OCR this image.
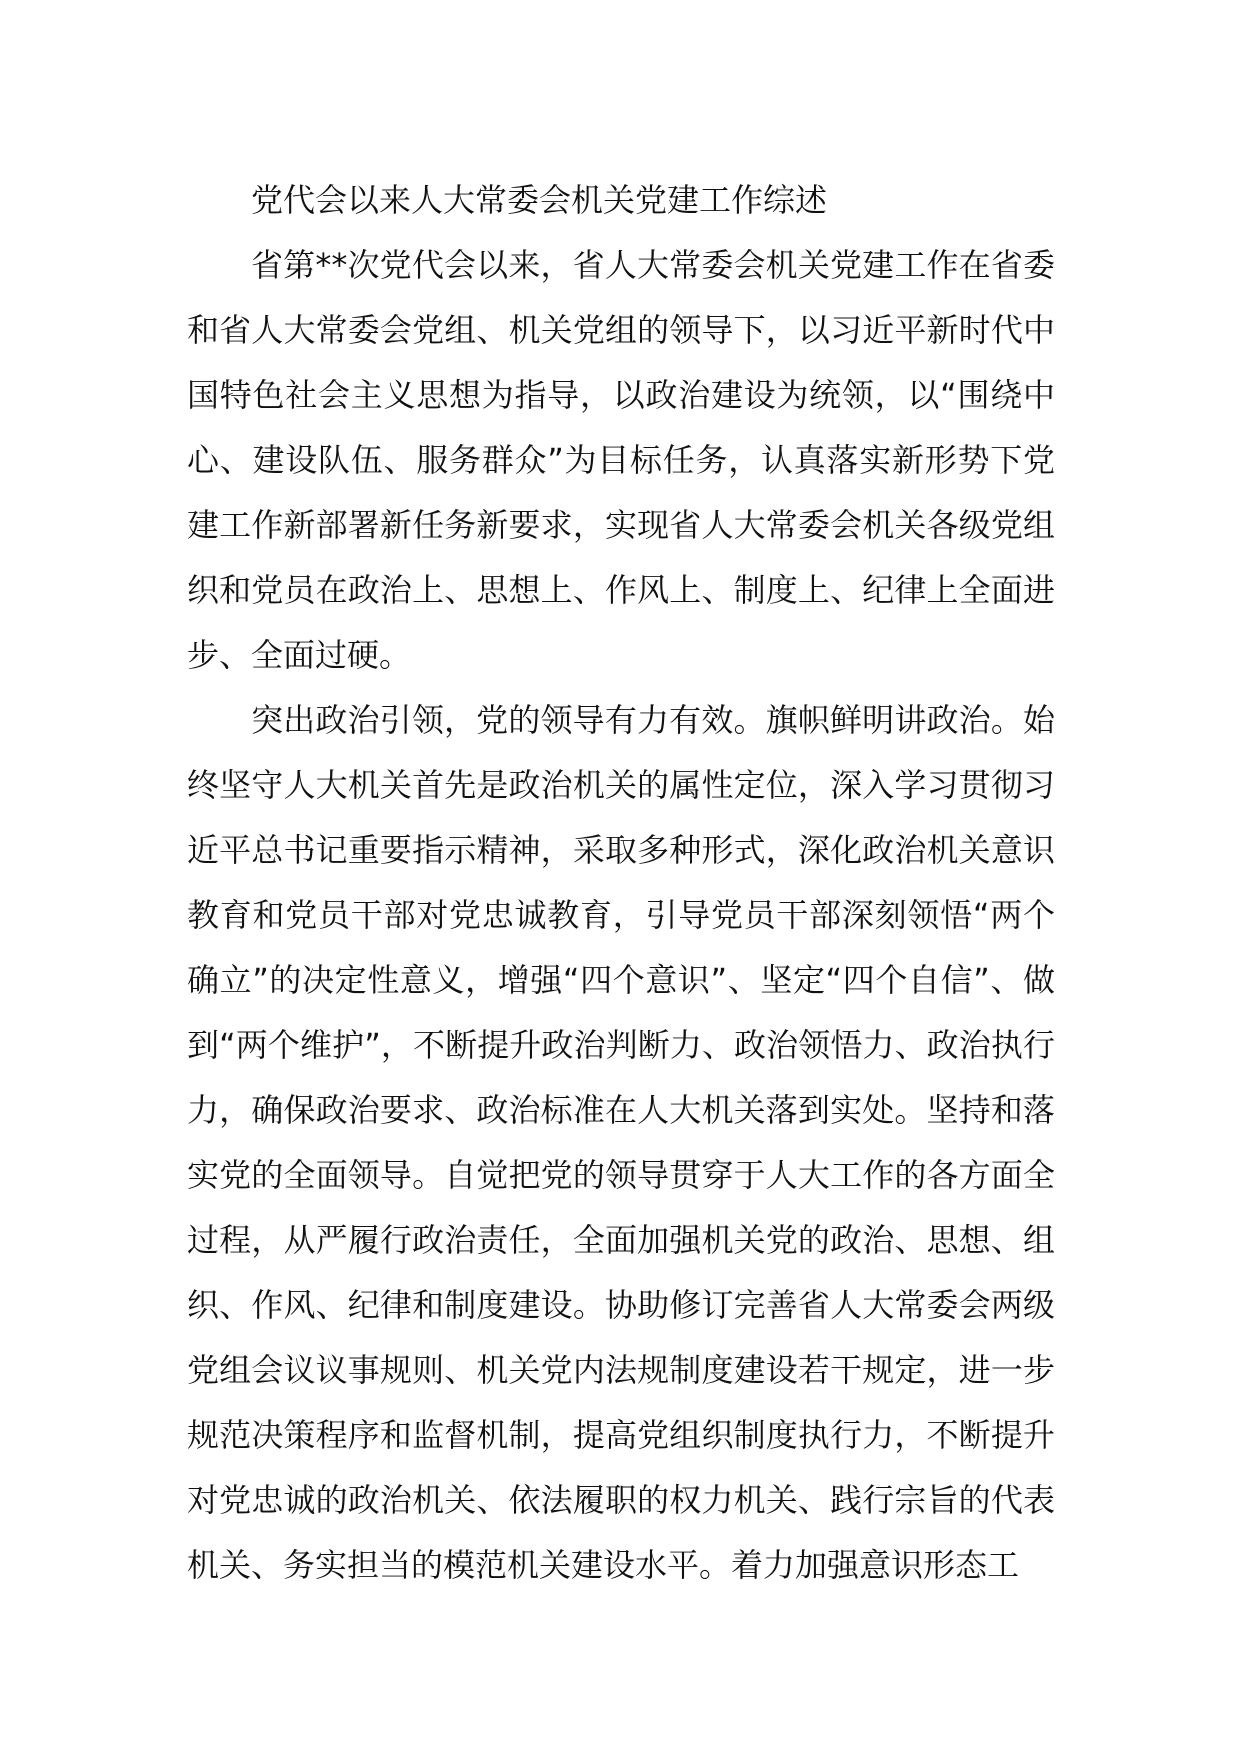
党代会以来人大常委会机关党建工作综述

省第**次党代会以来，省人大常委会机关党建工作在省委和省人大常委会党组、机关党组的领导下，以习近平新时代中国特色社会主义思想为指导，以政治建设为统领，以“围绕中心、建设队伍、服务群众”为目标任务，认真落实新形势下党建工作新部署新任务新要求，实现省人大常委会机关各级党组织和党员在政治上、思想上、作风上、制度上、纪律上全面进步、全面过硬。

突出政治引领，党的领导有力有效。旗帜鲜明讲政治。始终坚守人大机关首先是政治机关的属性定位，深入学习贯彻习近平总书记重要指示精神，采取多种形式，深化政治机关意识教育和党员干部对党忠诚教育，引导党员干部深刻领悟“两个确立”的决定性意义，增强“四个意识”、坚定“四个自信”、做到“两个维护”，不断提升政治判断力、政治领悟力、政治执行力，确保政治要求、政治标准在人大机关落到实处。坚持和落实党的全面领导。自觉把党的领导贯穿于人大工作的各方面全过程，从严履行政治责任，全面加强机关党的政治、思想、组织、作风、纪律和制度建设。协助修订完善省人大常委会两级党组会议议事规则、机关党内法规制度建设若干规定，进一步规范决策程序和监督机制，提高党组织制度执行力，不断提升对党忠诚的政治机关、依法履职的权力机关、践行宗旨的代表机关、务实担当的模范机关建设水平。着力加强意识形态工
